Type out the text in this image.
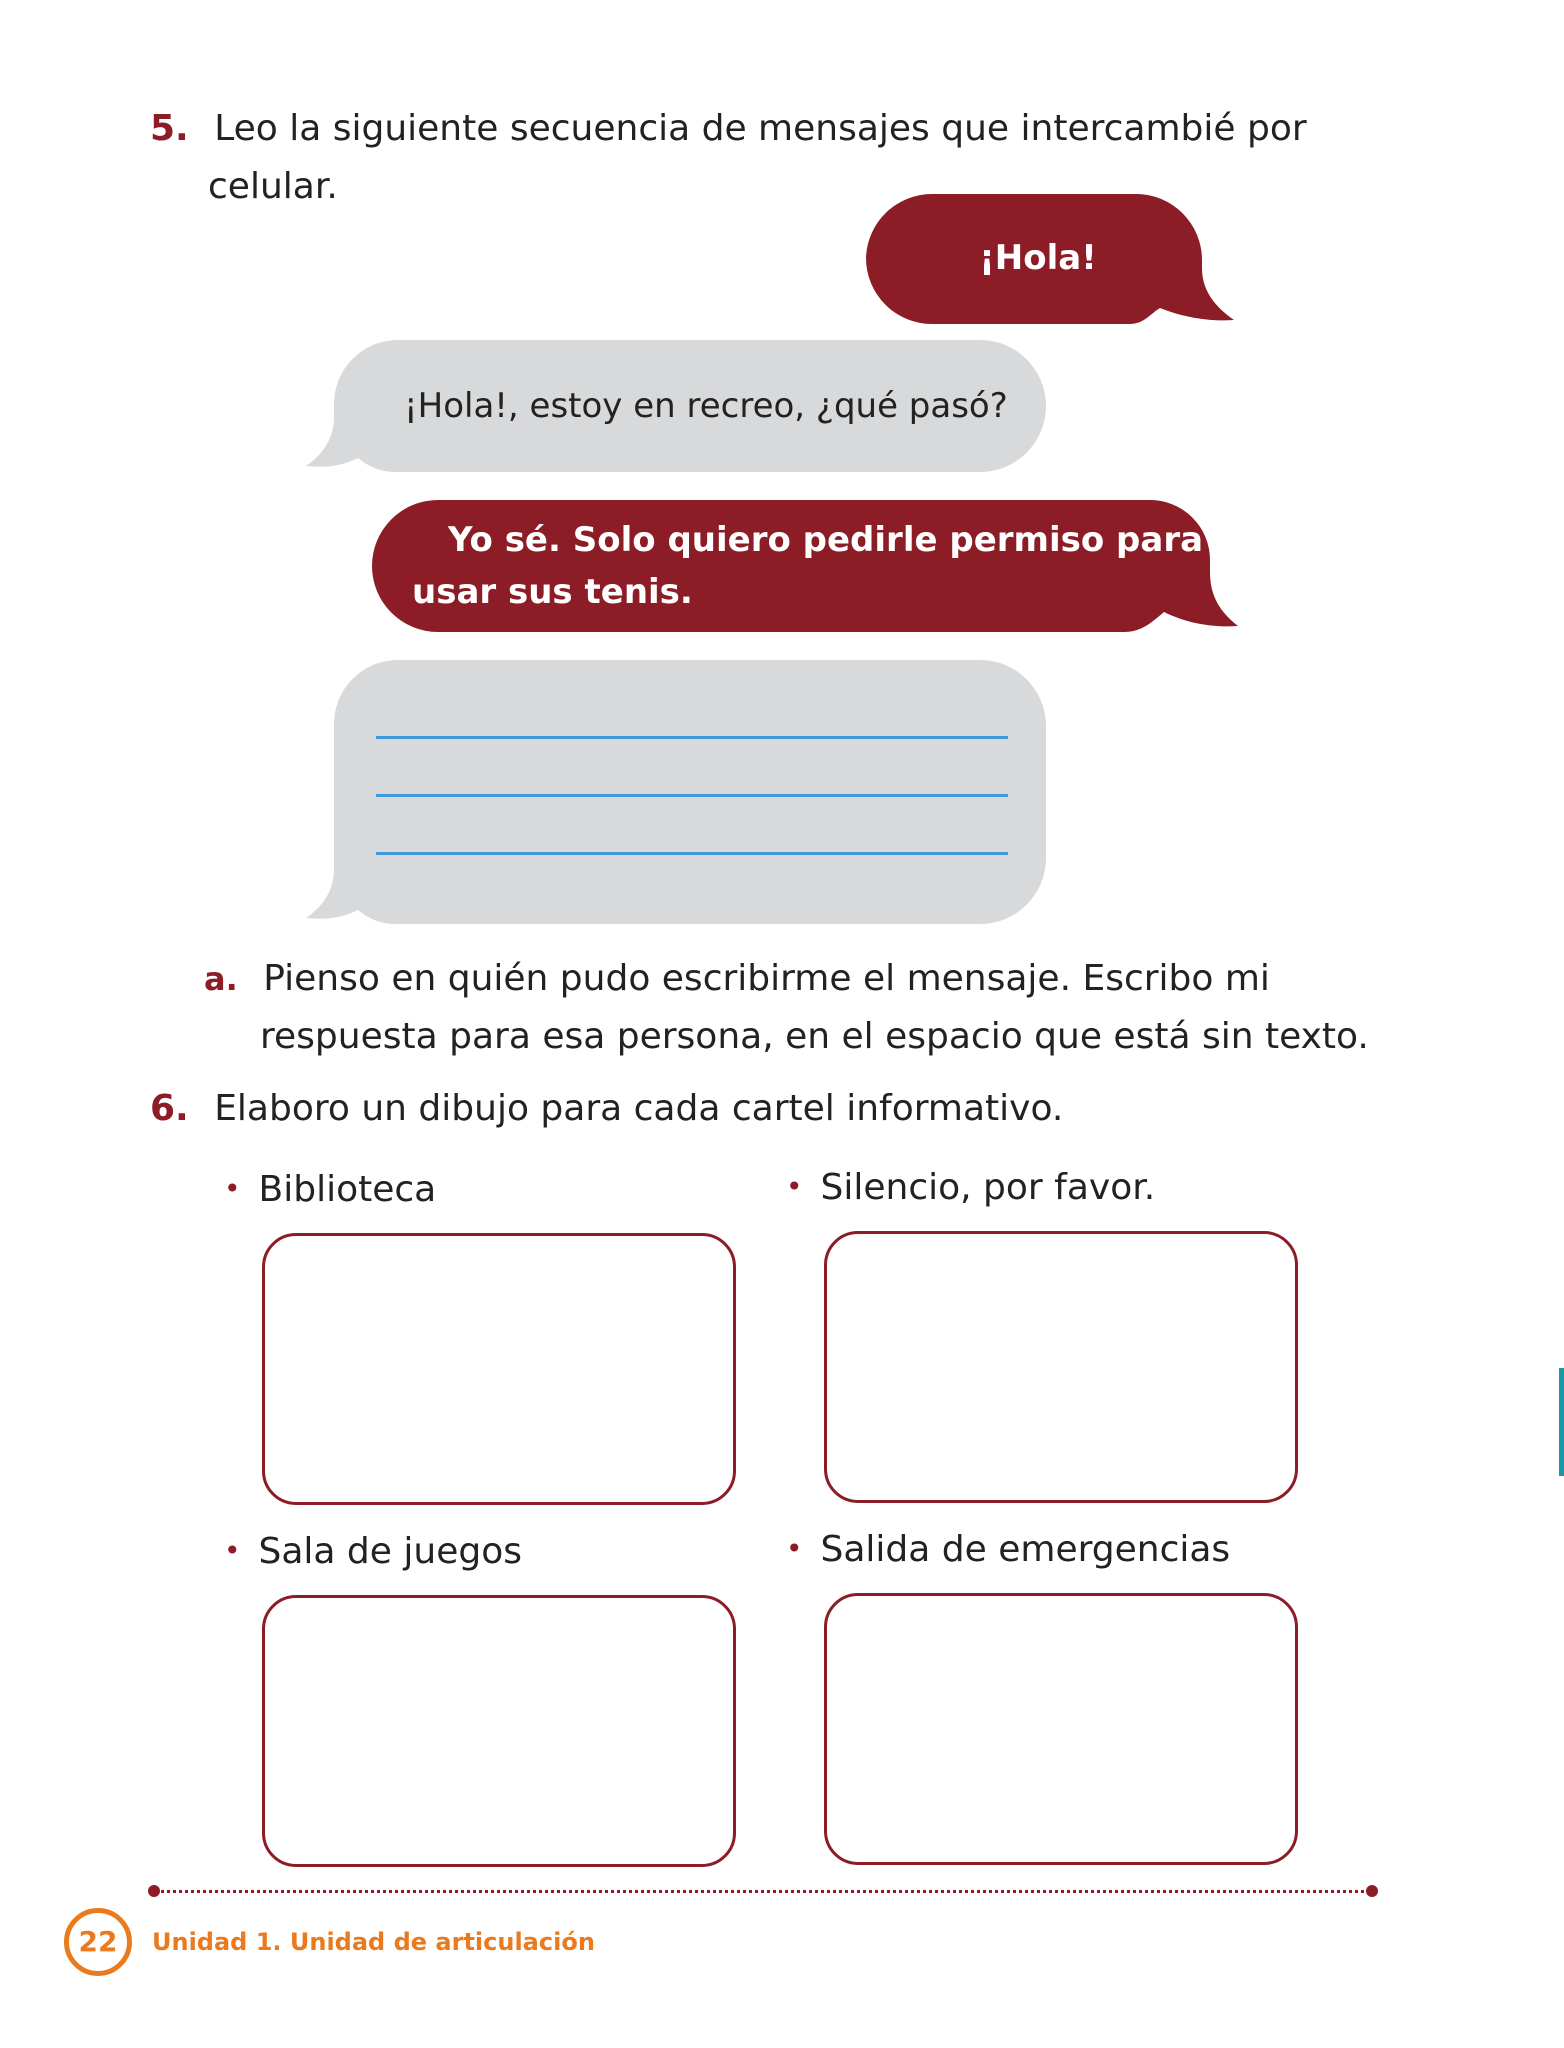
5. Leo la siguiente secuencia de mensajes que intercambié por
celular.
¡Hola!
¡Hola!, estoy en recreo, ¿qué pasó?
Yo sé. Solo quiero pedirle permiso para
usar sus tenis.
a. Pienso en quién pudo escribirme el mensaje. Escribo mi
respuesta para esa persona, en el espacio que está sin texto.
6. Elaboro un dibujo para cada cartel informativo.
• Biblioteca	• Silencio, por favor.
• Sala de juegos	• Salida de emergencias
22	Unidad 1. Unidad de articulación
